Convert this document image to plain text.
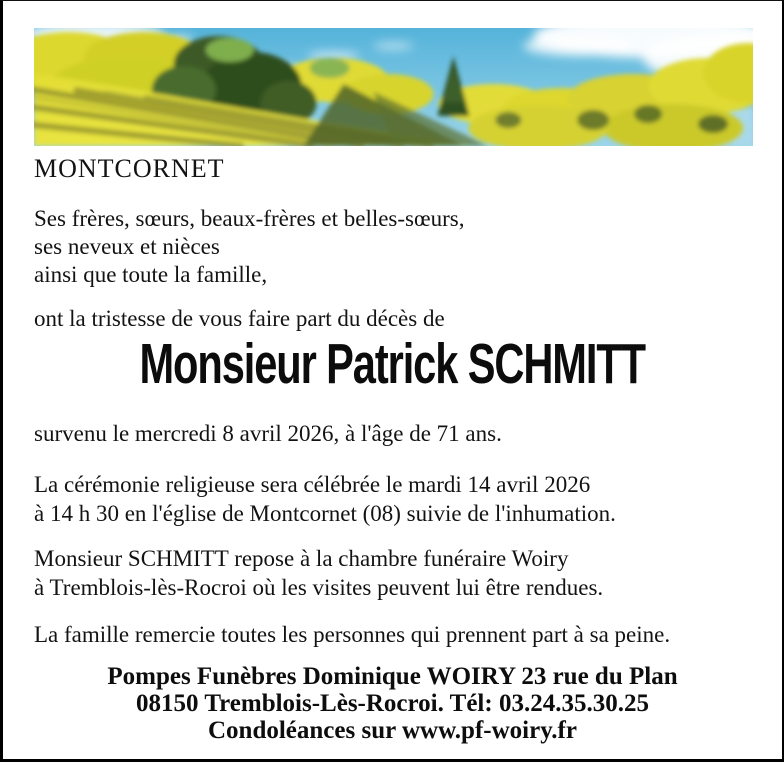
MONTCORNET
Ses frères, sœurs, beaux-frères et belles-sœurs,
ses neveux et nièces
ainsi que toute la famille,
ont la tristesse de vous faire part du décès de
Monsieur Patrick SCHMITT
survenu le mercredi 8 avril 2026, à l'âge de 71 ans.
La cérémonie religieuse sera célébrée le mardi 14 avril 2026
à 14 h 30 en l'église de Montcornet (08) suivie de l'inhumation.
Monsieur SCHMITT repose à la chambre funéraire Woiry
à Tremblois-lès-Rocroi où les visites peuvent lui être rendues.
La famille remercie toutes les personnes qui prennent part à sa peine.
Pompes Funèbres Dominique WOIRY 23 rue du Plan
08150 Tremblois-Lès-Rocroi. Tél: 03.24.35.30.25
Condoléances sur www.pf-woiry.fr
